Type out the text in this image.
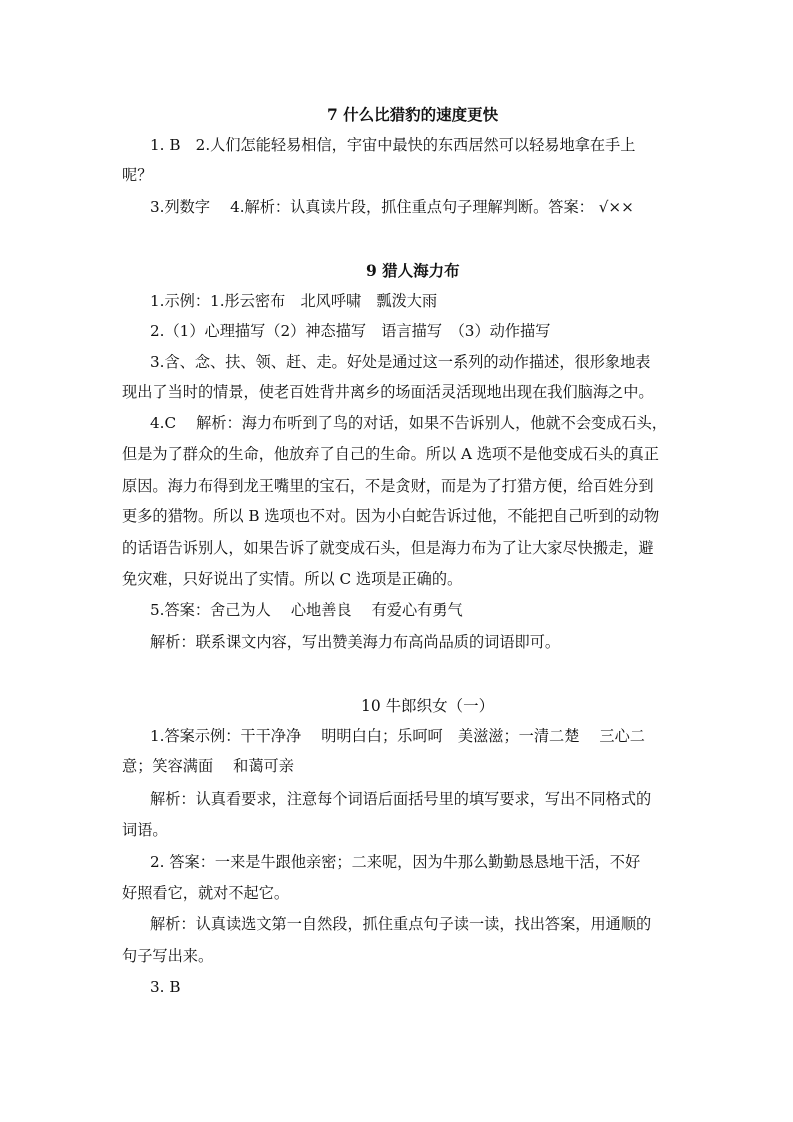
7 什么比猎豹的速度更快
1. B　2.人们怎能轻易相信，宇宙中最快的东西居然可以轻易地拿在手上
呢？
3.列数字　 4.解析：认真读片段，抓住重点句子理解判断。答案： √××
9 猎人海力布
1.示例：1.彤云密布　北风呼啸　瓢泼大雨
2.（1）心理描写（2）神态描写　语言描写　（3）动作描写
3.含、念、扶、领、赶、走。好处是通过这一系列的动作描述，很形象地表
现出了当时的情景，使老百姓背井离乡的场面活灵活现地出现在我们脑海之中。
4.C　 解析：海力布听到了鸟的对话，如果不告诉别人，他就不会变成石头，
但是为了群众的生命，他放弃了自己的生命。所以 A 选项不是他变成石头的真正
原因。海力布得到龙王嘴里的宝石，不是贪财，而是为了打猎方便，给百姓分到
更多的猎物。所以 B 选项也不对。因为小白蛇告诉过他，不能把自己听到的动物
的话语告诉别人，如果告诉了就变成石头，但是海力布为了让大家尽快搬走，避
免灾难，只好说出了实情。所以 C 选项是正确的。
5.答案：舍己为人　 心地善良　 有爱心有勇气
解析：联系课文内容，写出赞美海力布高尚品质的词语即可。
10 牛郎织女（一）
1.答案示例：干干净净　 明明白白；乐呵呵　美滋滋；一清二楚　 三心二
意；笑容满面　 和蔼可亲
解析：认真看要求，注意每个词语后面括号里的填写要求，写出不同格式的
词语。
2. 答案：一来是牛跟他亲密；二来呢，因为牛那么勤勤恳恳地干活，不好
好照看它，就对不起它。
解析：认真读选文第一自然段，抓住重点句子读一读，找出答案，用通顺的
句子写出来。
3. B
